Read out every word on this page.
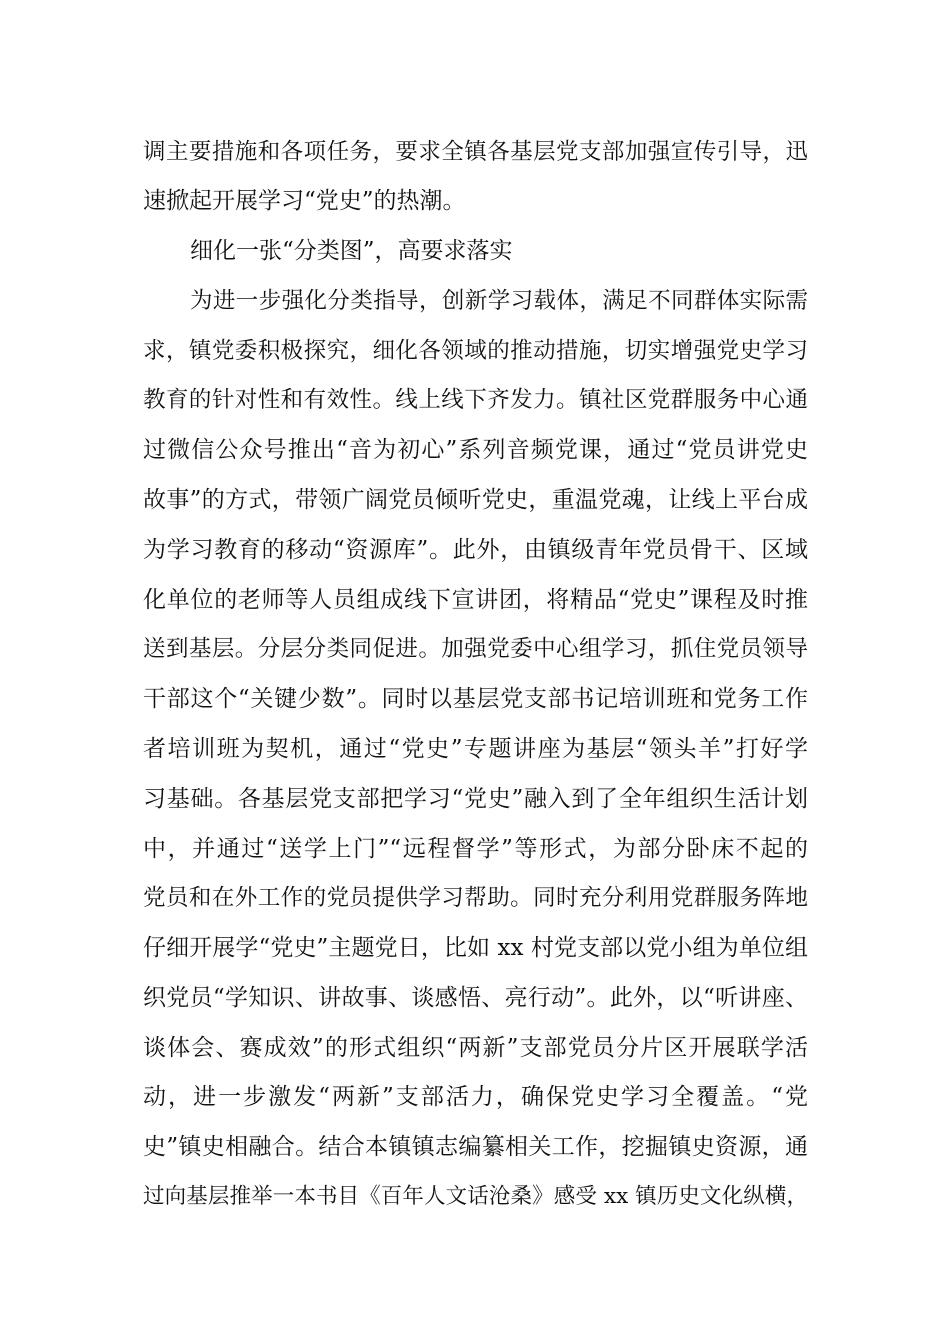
调主要措施和各项任务，要求全镇各基层党支部加强宣传引导，迅
速掀起开展学习“党史”的热潮。
细化一张“分类图”，高要求落实
为进一步强化分类指导，创新学习载体，满足不同群体实际需
求，镇党委积极探究，细化各领域的推动措施，切实增强党史学习
教育的针对性和有效性。线上线下齐发力。镇社区党群服务中心通
过微信公众号推出“音为初心”系列音频党课，通过“党员讲党史
故事”的方式，带领广阔党员倾听党史，重温党魂，让线上平台成
为学习教育的移动“资源库”。此外，由镇级青年党员骨干、区域
化单位的老师等人员组成线下宣讲团，将精品“党史”课程及时推
送到基层。分层分类同促进。加强党委中心组学习，抓住党员领导
干部这个“关键少数”。同时以基层党支部书记培训班和党务工作
者培训班为契机，通过“党史”专题讲座为基层“领头羊”打好学
习基础。各基层党支部把学习“党史”融入到了全年组织生活计划
中，并通过“送学上门”“远程督学”等形式，为部分卧床不起的
党员和在外工作的党员提供学习帮助。同时充分利用党群服务阵地
仔细开展学“党史”主题党日，比如 xx 村党支部以党小组为单位组
织党员“学知识、讲故事、谈感悟、亮行动”。此外，以“听讲座、
谈体会、赛成效”的形式组织“两新”支部党员分片区开展联学活
动，进一步激发“两新”支部活力，确保党史学习全覆盖。“党
史”镇史相融合。结合本镇镇志编纂相关工作，挖掘镇史资源，通
过向基层推举一本书目《百年人文话沧桑》感受 xx 镇历史文化纵横，
